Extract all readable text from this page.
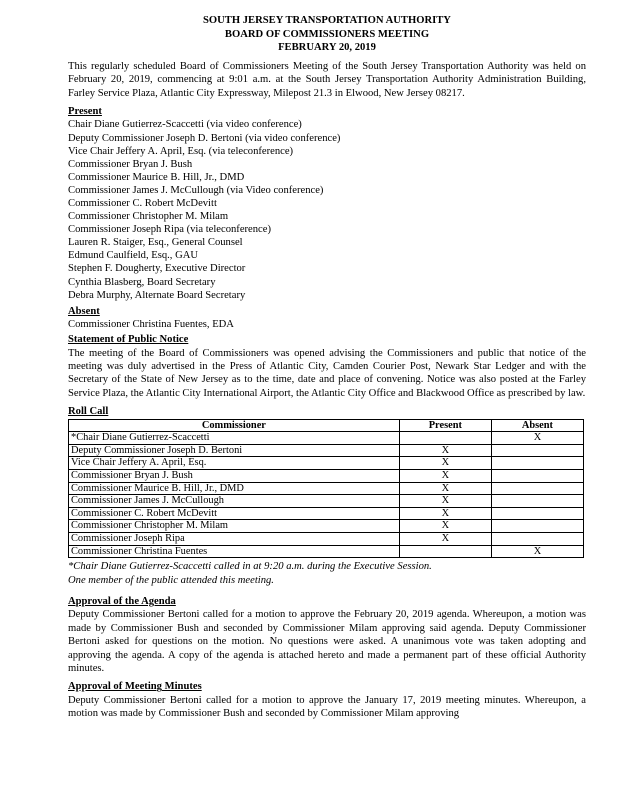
SOUTH JERSEY TRANSPORTATION AUTHORITY
BOARD OF COMMISSIONERS MEETING
FEBRUARY 20, 2019

This regularly scheduled Board of Commissioners Meeting of the South Jersey Transportation Authority was held on February 20, 2019, commencing at 9:01 a.m. at the South Jersey Transportation Authority Administration Building, Farley Service Plaza, Atlantic City Expressway, Milepost 21.3 in Elwood, New Jersey 08217.

Present
Chair Diane Gutierrez-Scaccetti (via video conference)
Deputy Commissioner Joseph D. Bertoni (via video conference)
Vice Chair Jeffery A. April, Esq. (via teleconference)
Commissioner Bryan J. Bush
Commissioner Maurice B. Hill, Jr., DMD
Commissioner James J. McCullough (via Video conference)
Commissioner C. Robert McDevitt
Commissioner Christopher M. Milam
Commissioner Joseph Ripa (via teleconference)
Lauren R. Staiger, Esq., General Counsel
Edmund Caulfield, Esq., GAU
Stephen F. Dougherty, Executive Director
Cynthia Blasberg, Board Secretary
Debra Murphy, Alternate Board Secretary
Absent
Commissioner Christina Fuentes, EDA
Statement of Public Notice

The meeting of the Board of Commissioners was opened advising the Commissioners and public that notice of the meeting was duly advertised in the Press of Atlantic City, Camden Courier Post, Newark Star Ledger and with the Secretary of the State of New Jersey as to the time, date and place of convening. Notice was also posted at the Farley Service Plaza, the Atlantic City International Airport, the Atlantic City Office and Blackwood Office as prescribed by law.

Roll Call
Commissioner	Present	Absent
*Chair Diane Gutierrez-Scaccetti		X
Deputy Commissioner Joseph D. Bertoni	X	
Vice Chair Jeffery A. April, Esq.	X	
Commissioner Bryan J. Bush	X	
Commissioner Maurice B. Hill, Jr., DMD	X	
Commissioner James J. McCullough	X	
Commissioner C. Robert McDevitt	X	
Commissioner Christopher M. Milam	X	
Commissioner Joseph Ripa	X	
Commissioner Christina Fuentes		X
*Chair Diane Gutierrez-Scaccetti called in at 9:20 a.m. during the Executive Session.
One member of the public attended this meeting.
Approval of the Agenda

Deputy Commissioner Bertoni called for a motion to approve the February 20, 2019 agenda. Whereupon, a motion was made by Commissioner Bush and seconded by Commissioner Milam approving said agenda. Deputy Commissioner Bertoni asked for questions on the motion. No questions were asked. A unanimous vote was taken adopting and approving the agenda. A copy of the agenda is attached hereto and made a permanent part of these official Authority minutes.

Approval of Meeting Minutes

Deputy Commissioner Bertoni called for a motion to approve the January 17, 2019 meeting minutes. Whereupon, a motion was made by Commissioner Bush and seconded by Commissioner Milam approving
